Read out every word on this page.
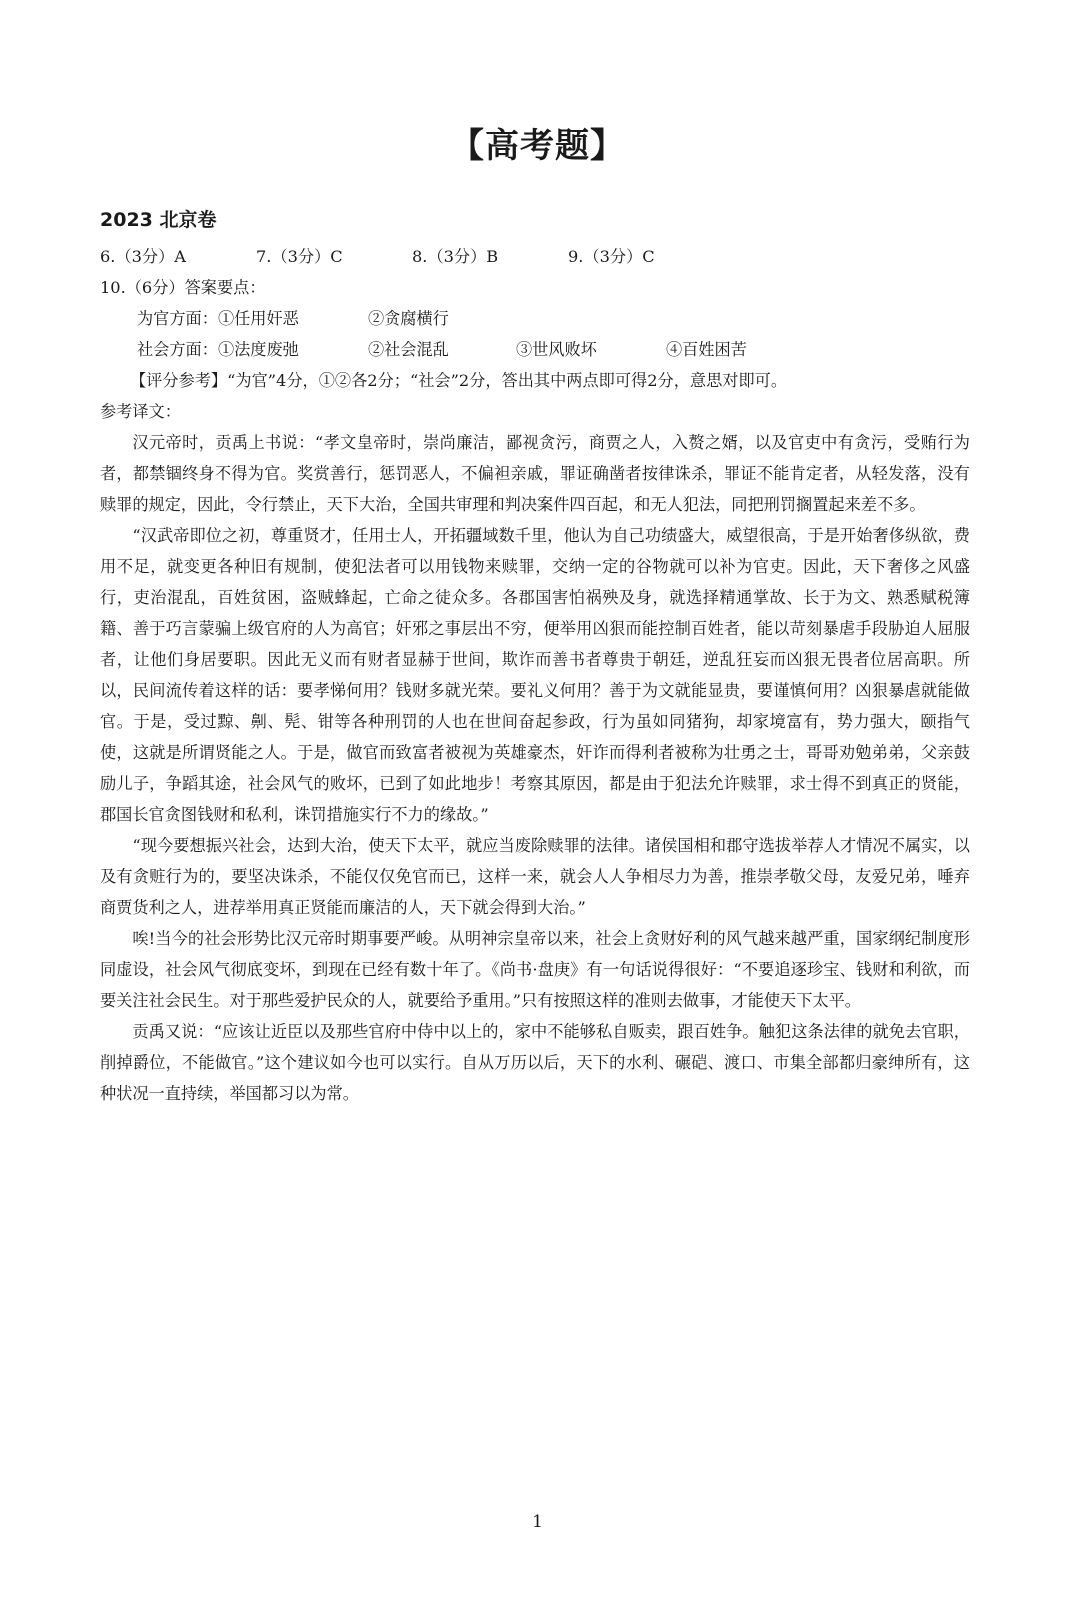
【高考题】
2023 北京卷
6.（3分）A	7.（3分）C	8.（3分）B	9.（3分）C
10.（6分）答案要点：
为官方面：①任用奸恶	②贪腐横行
社会方面：①法度废弛	②社会混乱	③世风败坏	④百姓困苦
【评分参考】“为官”4分，①②各2分；“社会”2分，答出其中两点即可得2分，意思对即可。
参考译文：

汉元帝时，贡禹上书说：“孝文皇帝时，崇尚廉洁，鄙视贪污，商贾之人，入赘之婿，以及官吏中有贪污，受贿行为者，都禁锢终身不得为官。奖赏善行，惩罚恶人，不偏袒亲戚，罪证确凿者按律诛杀，罪证不能肯定者，从轻发落，没有赎罪的规定，因此，令行禁止，天下大治，全国共审理和判决案件四百起，和无人犯法，同把刑罚搁置起来差不多。

“汉武帝即位之初，尊重贤才，任用士人，开拓疆域数千里，他认为自己功绩盛大，威望很高，于是开始奢侈纵欲，费用不足，就变更各种旧有规制，使犯法者可以用钱物来赎罪，交纳一定的谷物就可以补为官吏。因此，天下奢侈之风盛行，吏治混乱，百姓贫困，盗贼蜂起，亡命之徒众多。各郡国害怕祸殃及身，就选择精通掌故、长于为文、熟悉赋税簿籍、善于巧言蒙骗上级官府的人为高官；奸邪之事层出不穷，便举用凶狠而能控制百姓者，能以苛刻暴虐手段胁迫人屈服者，让他们身居要职。因此无义而有财者显赫于世间，欺诈而善书者尊贵于朝廷，逆乱狂妄而凶狠无畏者位居高职。所以，民间流传着这样的话：要孝悌何用？钱财多就光荣。要礼义何用？善于为文就能显贵，要谨慎何用？凶狠暴虐就能做官。于是，受过黥、劓、髡、钳等各种刑罚的人也在世间奋起参政，行为虽如同猪狗，却家境富有，势力强大，颐指气使，这就是所谓贤能之人。于是，做官而致富者被视为英雄豪杰，奸诈而得利者被称为壮勇之士，哥哥劝勉弟弟，父亲鼓励儿子，争蹈其途，社会风气的败坏，已到了如此地步！考察其原因，都是由于犯法允许赎罪，求士得不到真正的贤能，郡国长官贪图钱财和私利，诛罚措施实行不力的缘故。”

“现今要想振兴社会，达到大治，使天下太平，就应当废除赎罪的法律。诸侯国相和郡守选拔举荐人才情况不属实，以及有贪赃行为的，要坚决诛杀，不能仅仅免官而已，这样一来，就会人人争相尽力为善，推崇孝敬父母，友爱兄弟，唾弃商贾货利之人，进荐举用真正贤能而廉洁的人，天下就会得到大治。”

唉!当今的社会形势比汉元帝时期事要严峻。从明神宗皇帝以来，社会上贪财好利的风气越来越严重，国家纲纪制度形同虚设，社会风气彻底变坏，到现在已经有数十年了。《尚书·盘庚》有一句话说得很好：“不要追逐珍宝、钱财和利欲，而要关注社会民生。对于那些爱护民众的人，就要给予重用。”只有按照这样的准则去做事，才能使天下太平。

贡禹又说：“应该让近臣以及那些官府中侍中以上的，家中不能够私自贩卖，跟百姓争。触犯这条法律的就免去官职，削掉爵位，不能做官。”这个建议如今也可以实行。自从万历以后，天下的水利、碾硙、渡口、市集全部都归豪绅所有，这种状况一直持续，举国都习以为常。

1
